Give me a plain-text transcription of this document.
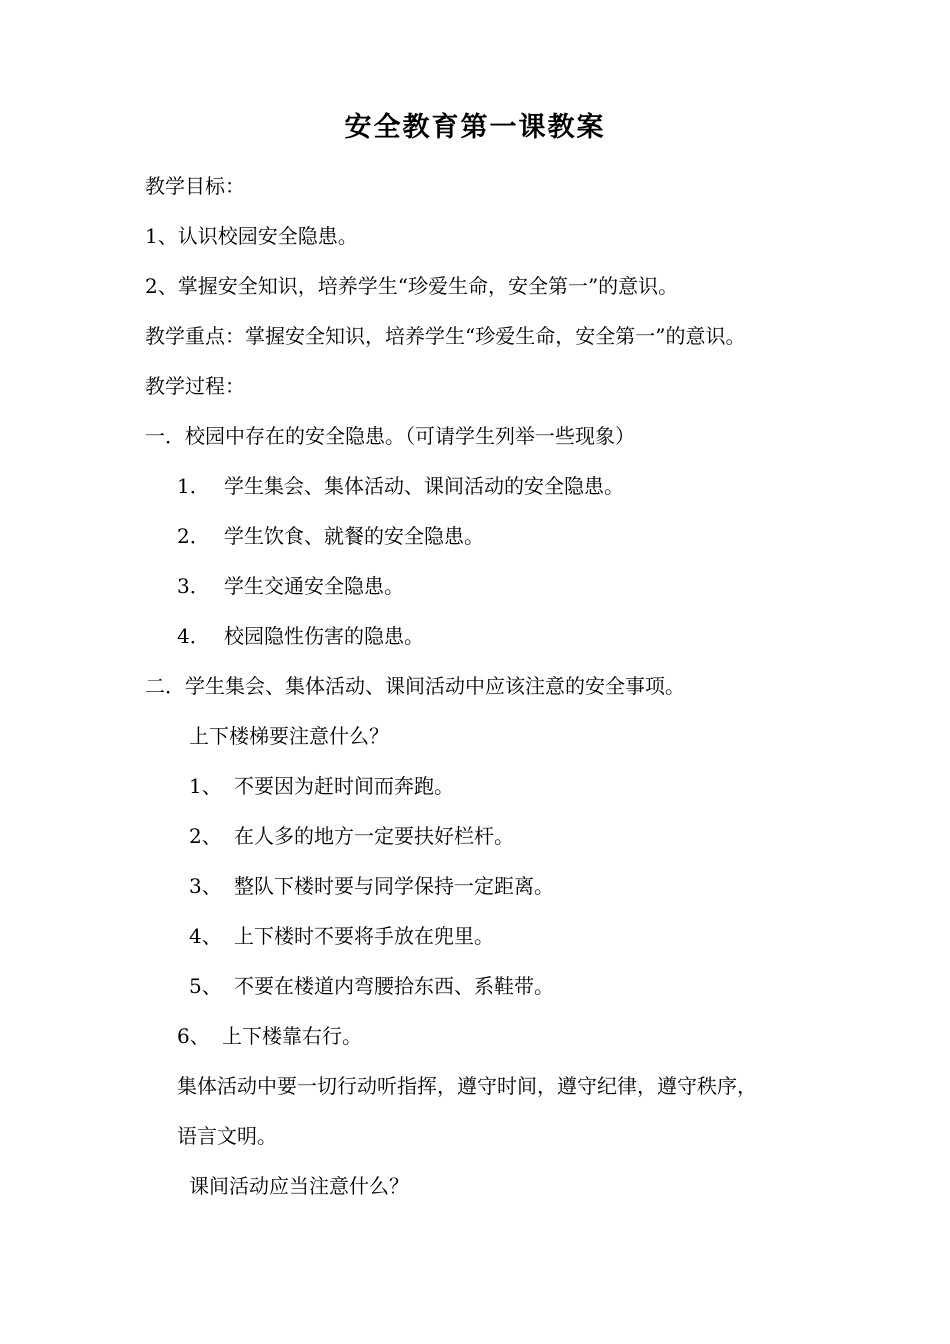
安全教育第一课教案
教学目标：
1、认识校园安全隐患。
2、掌握安全知识，培养学生“珍爱生命，安全第一”的意识。
教学重点：掌握安全知识，培养学生“珍爱生命，安全第一”的意识。
教学过程：
一．校园中存在的安全隐患。（可请学生列举一些现象）
1． 学生集会、集体活动、课间活动的安全隐患。
2． 学生饮食、就餐的安全隐患。
3． 学生交通安全隐患。
4． 校园隐性伤害的隐患。
二．学生集会、集体活动、课间活动中应该注意的安全事项。
上下楼梯要注意什么？
1、 不要因为赶时间而奔跑。
2、 在人多的地方一定要扶好栏杆。
3、 整队下楼时要与同学保持一定距离。
4、 上下楼时不要将手放在兜里。
5、 不要在楼道内弯腰拾东西、系鞋带。
6、 上下楼靠右行。
集体活动中要一切行动听指挥，遵守时间，遵守纪律，遵守秩序，
语言文明。
课间活动应当注意什么？
